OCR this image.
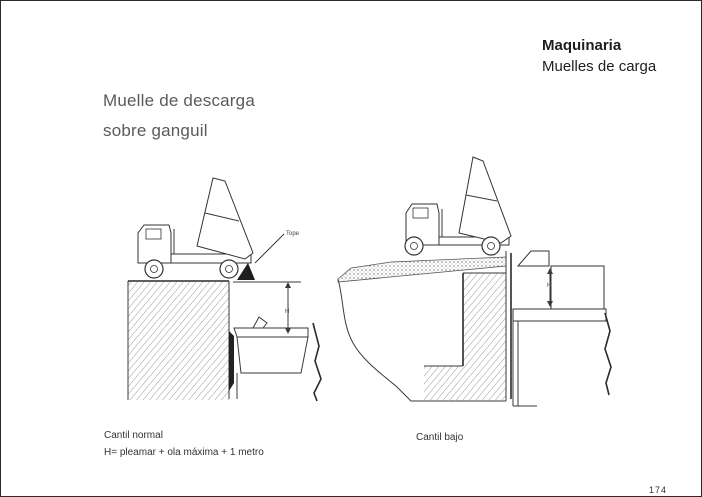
Maquinaria
Muelles de carga
Muelle de descarga
sobre ganguil
Tope
H
H
Cantil normal
H= pleamar + ola máxima + 1 metro
Cantil bajo
174
